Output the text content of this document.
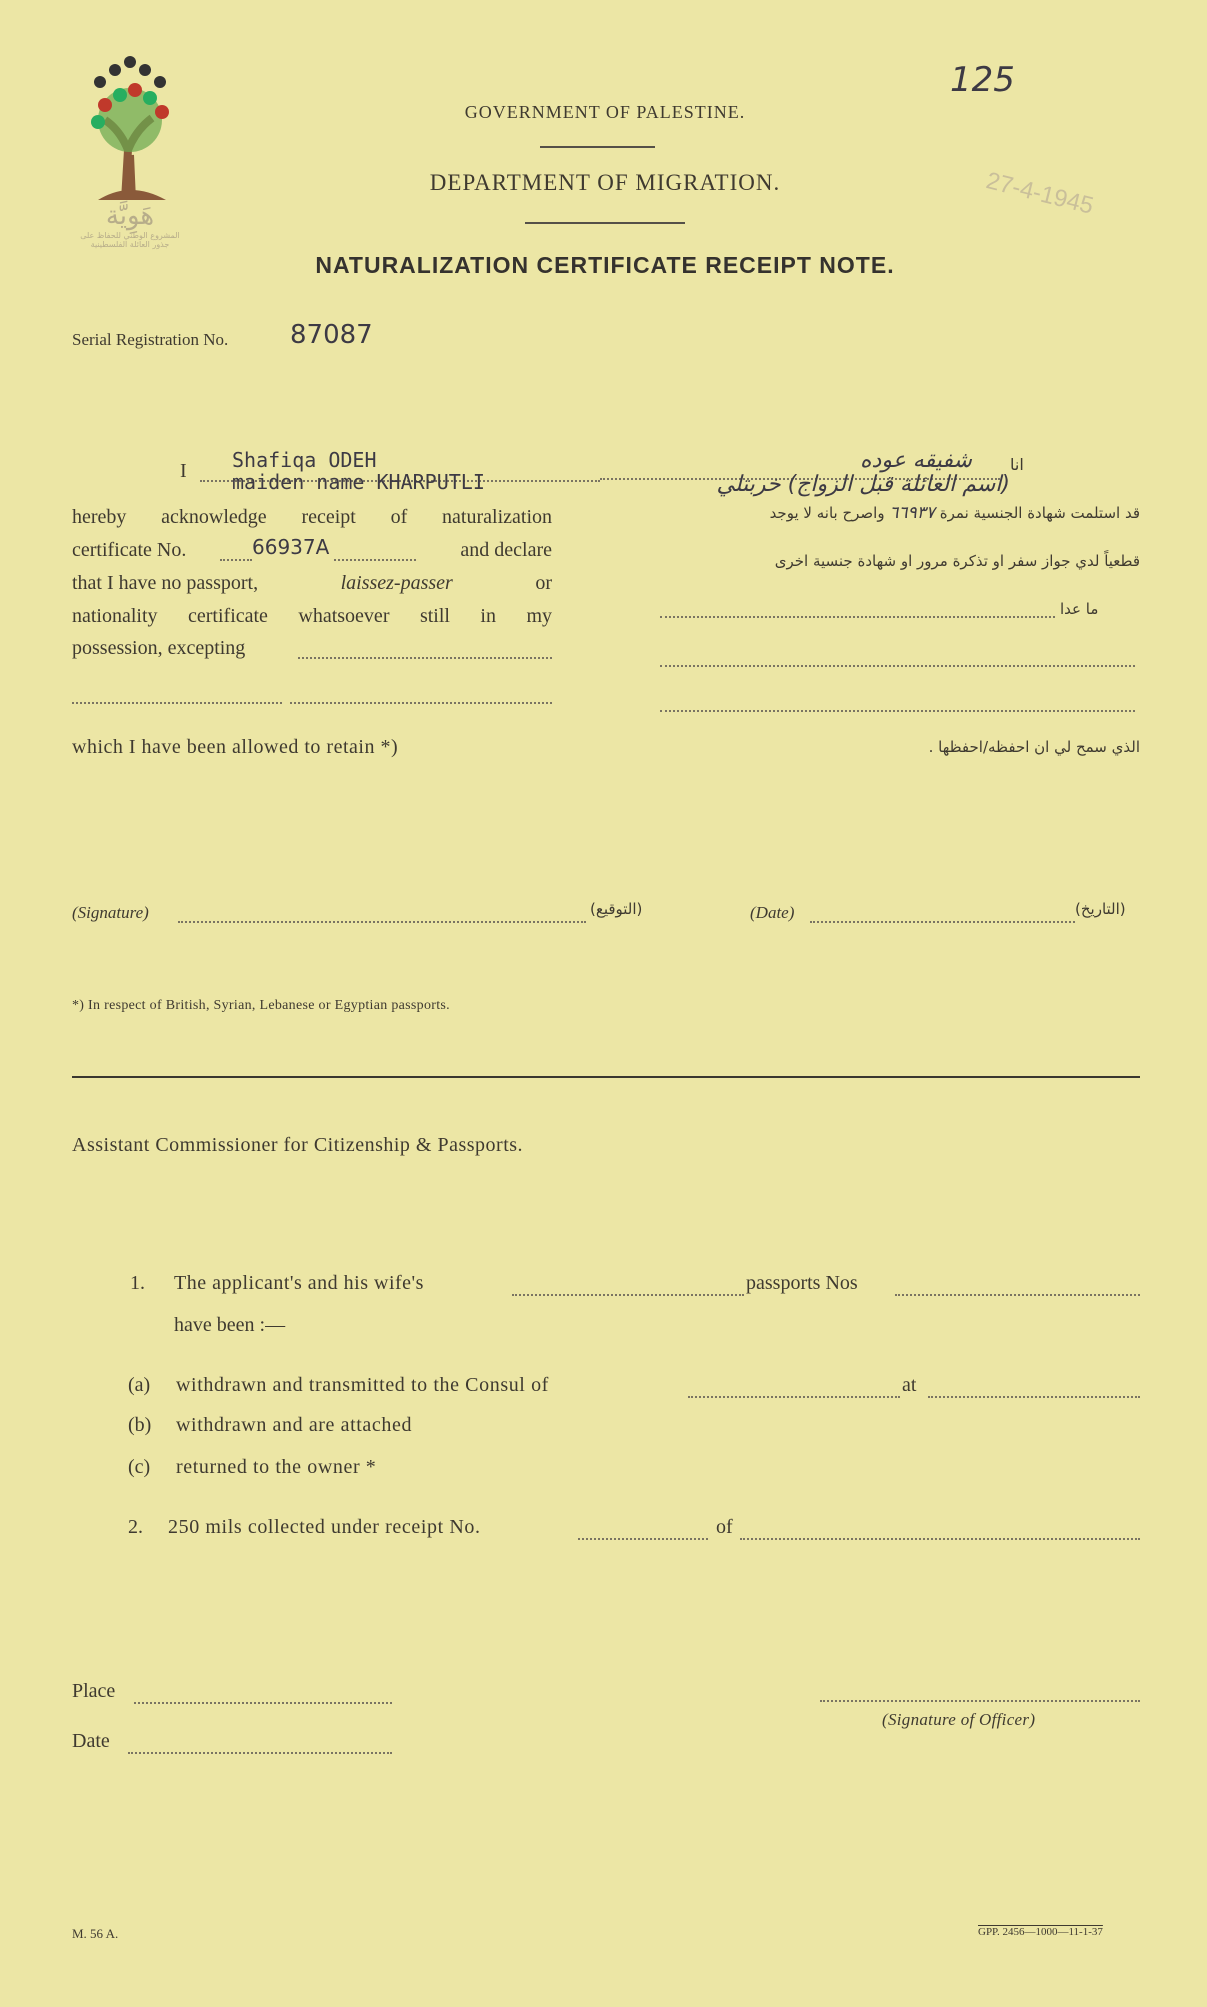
هَوِيَّة
المشروع الوطني للحفاظ على
جذور العائلة الفلسطينية
125
27-4-1945
GOVERNMENT OF PALESTINE.
DEPARTMENT OF MIGRATION.
NATURALIZATION CERTIFICATE RECEIPT NOTE.
Serial Registration No. 87087
I Shafiqa ODEH
maiden name KHARPUTLI
hereby acknowledge receipt of naturalization
certificate No.	66937A	and declare
that I have no passport,	laissez-passer	or
nationality certificate whatsoever still in my
possession, excepting
which I have been allowed to retain *)
انا
شفيقه عوده
(اسم العائلة قبل الزواج) خربتلي
قد استلمت شهادة الجنسية نمرة ٦٦٩٣٧ واصرح بانه لا يوجد
قطعياً لدي جواز سفر او تذكرة مرور او شهادة جنسية اخرى
ما عدا
الذي سمح لي ان احفظه/احفظها .
(Signature)	(التوقيع)	(Date)	(التاريخ)
*) In respect of British, Syrian, Lebanese or Egyptian passports.
Assistant Commissioner for Citizenship & Passports.
1. The applicant's and his wife's	passports Nos
have been :—
(a) withdrawn and transmitted to the Consul of	at
(b) withdrawn and are attached
(c) returned to the owner *
2. 250 mils collected under receipt No.	of
Place
Date
(Signature of Officer)
M. 56 A.	GPP. 2456—1000—11-1-37
